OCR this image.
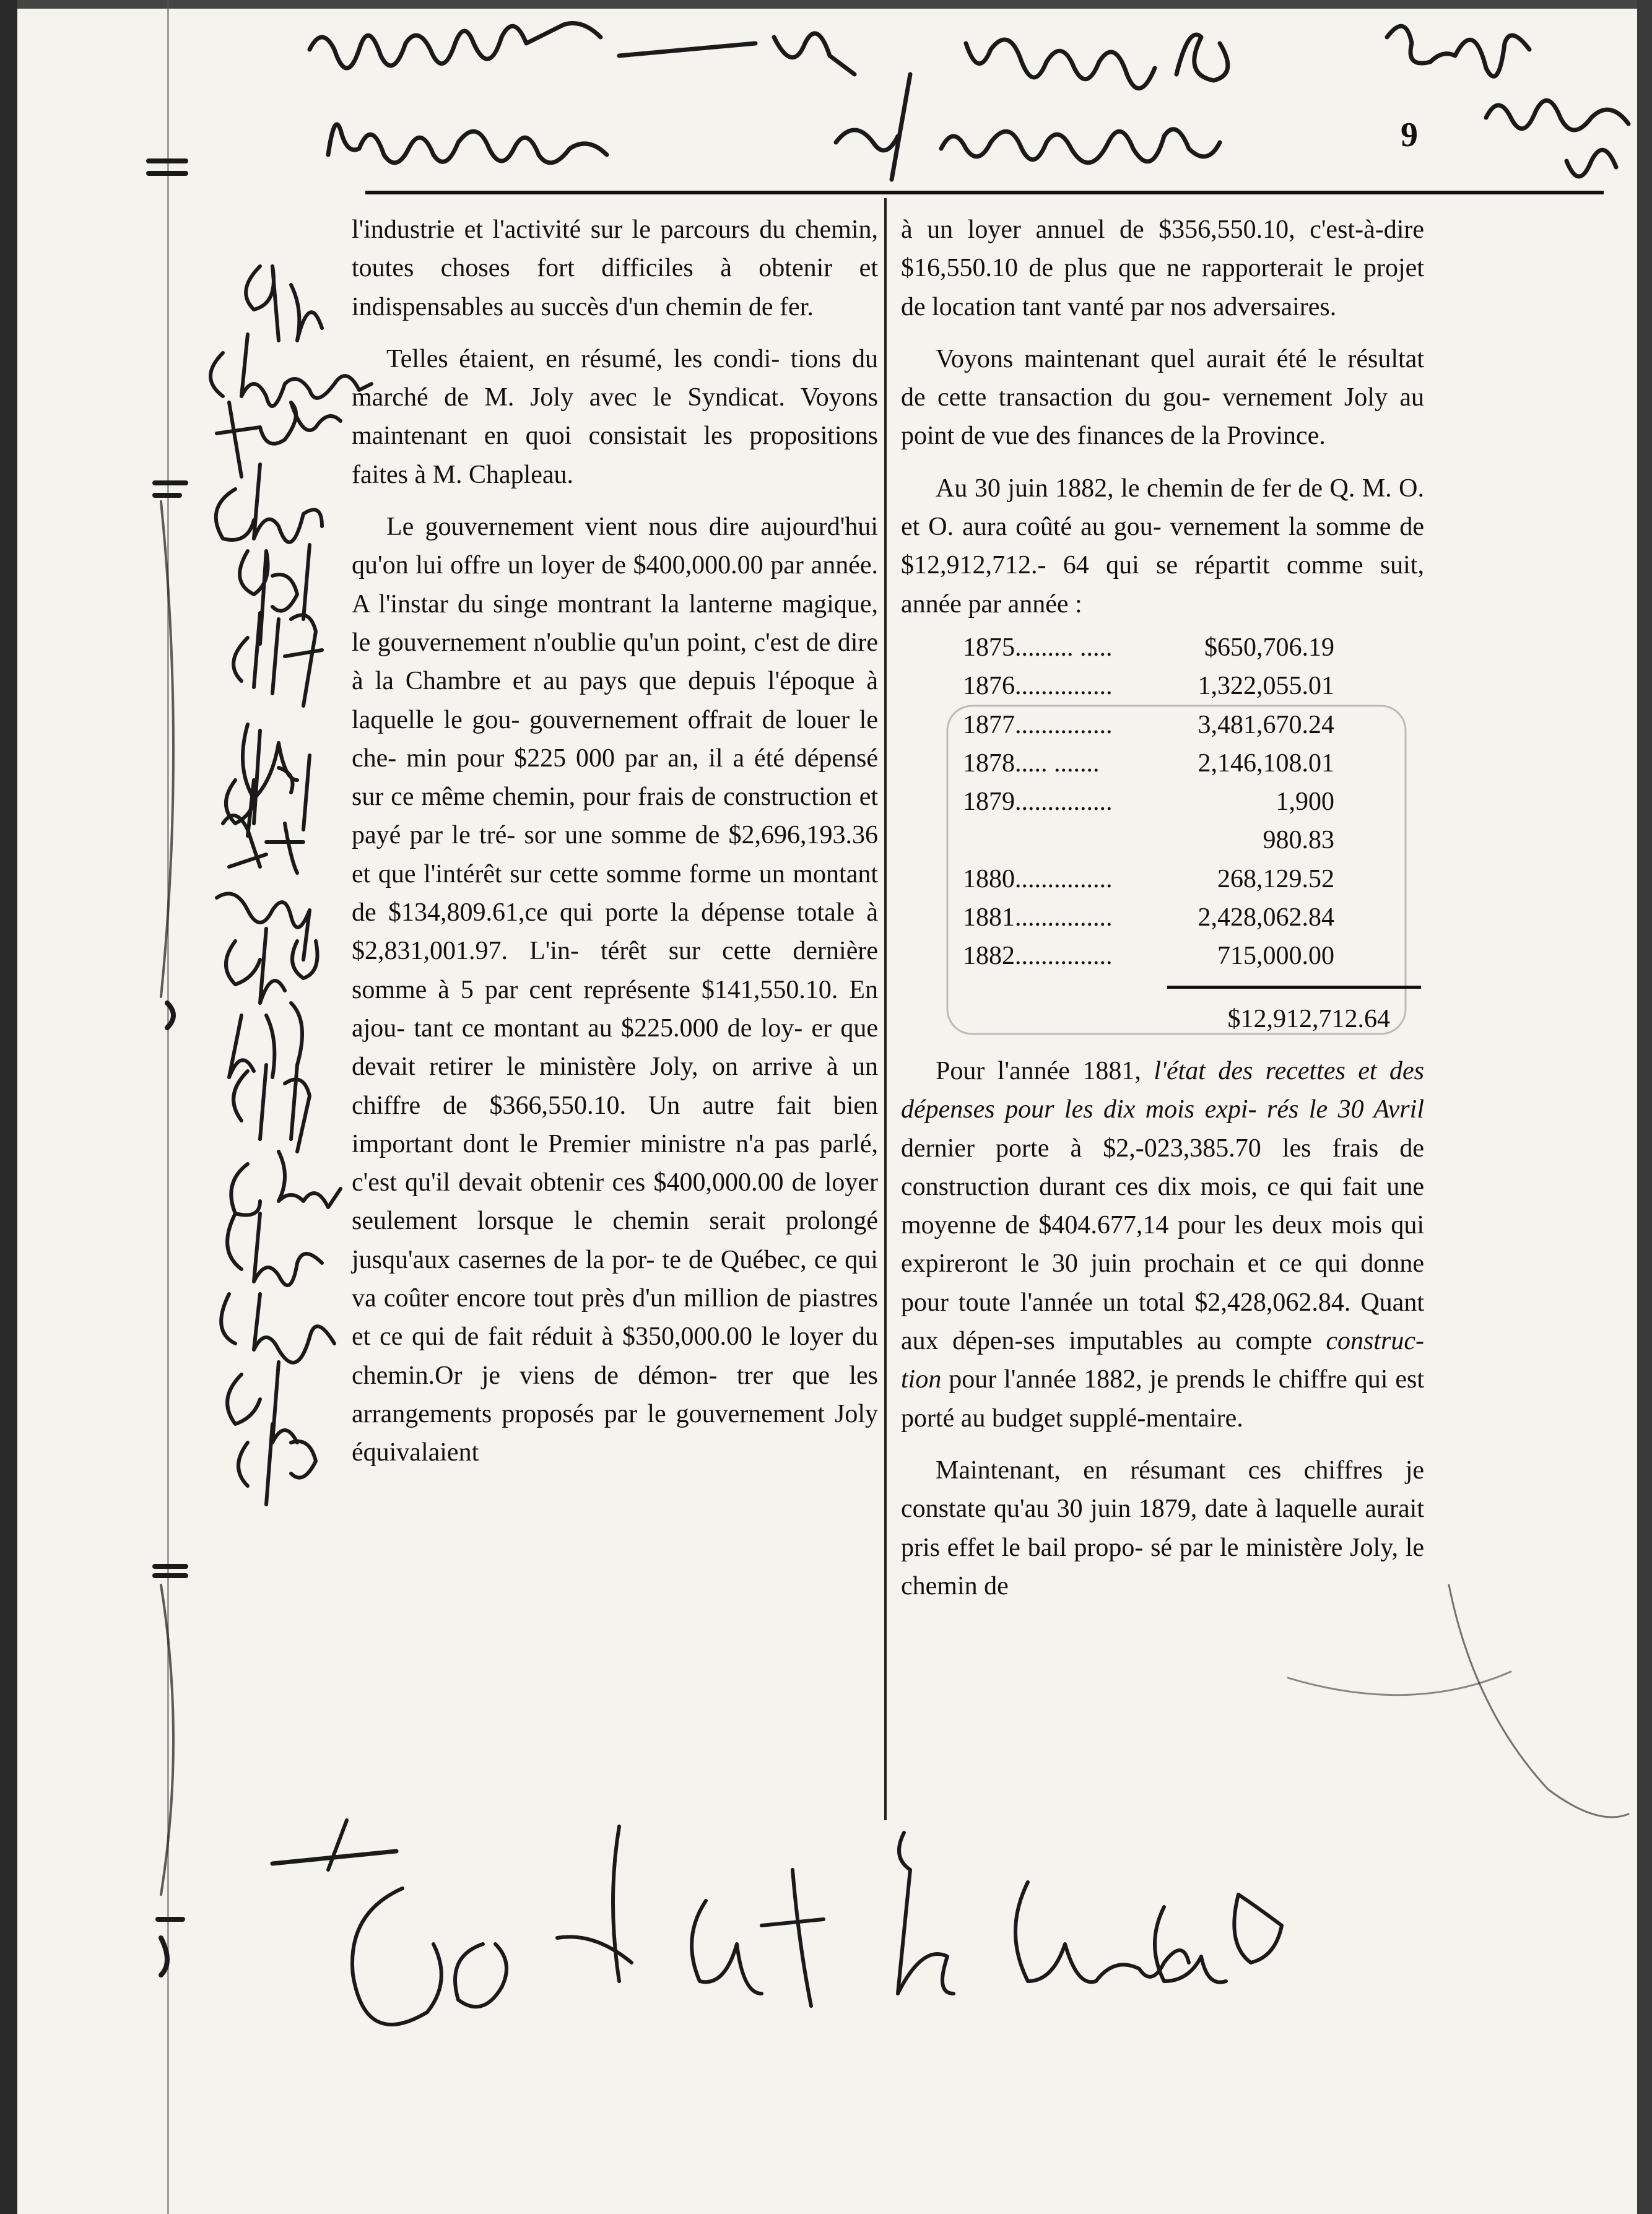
9

l'industrie et l'activité sur le parcours du chemin, toutes choses fort difficiles à obtenir et indispensables au succès d'un chemin de fer.

Telles étaient, en résumé, les condi- tions du marché de M. Joly avec le Syndicat. Voyons maintenant en quoi consistait les propositions faites à M. Chapleau.

Le gouvernement vient nous dire aujourd'hui qu'on lui offre un loyer de $400,000.00 par année. A l'instar du singe montrant la lanterne magique, le gouvernement n'oublie qu'un point, c'est de dire à la Chambre et au pays que depuis l'époque à laquelle le gou- gouvernement offrait de louer le che- min pour $225 000 par an, il a été dépensé sur ce même chemin, pour frais de construction et payé par le tré- sor une somme de $2,696,193.36 et que l'intérêt sur cette somme forme un montant de $134,809.61,ce qui porte la dépense totale à $2,831,001.97. L'in- térêt sur cette dernière somme à 5 par cent représente $141,550.10. En ajou- tant ce montant au $225.000 de loy- er que devait retirer le ministère Joly, on arrive à un chiffre de $366,550.10. Un autre fait bien important dont le Premier ministre n'a pas parlé, c'est qu'il devait obtenir ces $400,000.00 de loyer seulement lorsque le chemin serait prolongé jusqu'aux casernes de la por- te de Québec, ce qui va coûter encore tout près d'un million de piastres et ce qui de fait réduit à $350,000.00 le loyer du chemin.Or je viens de démon- trer que les arrangements proposés par le gouvernement Joly équivalaient

à un loyer annuel de $356,550.10, c'est-à-dire $16,550.10 de plus que ne rapporterait le projet de location tant vanté par nos adversaires.

Voyons maintenant quel aurait été le résultat de cette transaction du gou- vernement Joly au point de vue des finances de la Province.

Au 30 juin 1882, le chemin de fer de Q. M. O. et O. aura coûté au gou- vernement la somme de $12,912,712.- 64 qui se répartit comme suit, année par année :

1875......... .....	$650,706.19
1876...............	1,322,055.01
1877...............	3,481,670.24
1878..... .......	2,146,108.01
1879...............	1,900 980.83
1880...............	268,129.52
1881...............	2,428,062.84
1882...............	715,000.00
$12,912,712.64

Pour l'année 1881, l'état des recettes et des dépenses pour les dix mois expi- rés le 30 Avril dernier porte à $2,-023,385.70 les frais de construction durant ces dix mois, ce qui fait une moyenne de $404.677,14 pour les deux mois qui expireront le 30 juin prochain et ce qui donne pour toute l'année un total $2,428,062.84. Quant aux dépen-ses imputables au compte construc- tion pour l'année 1882, je prends le chiffre qui est porté au budget supplé-mentaire.

Maintenant, en résumant ces chiffres je constate qu'au 30 juin 1879, date à laquelle aurait pris effet le bail propo- sé par le ministère Joly, le chemin de
